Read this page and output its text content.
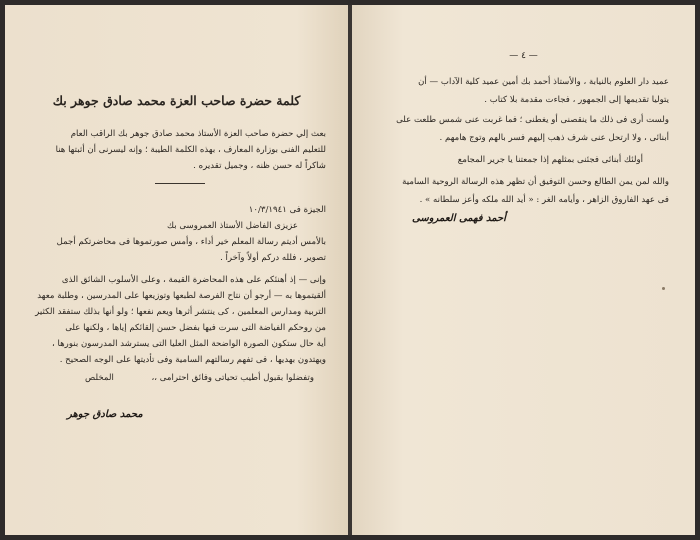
كلمة حضرة صاحب العزة محمد صادق جوهر بك
بعث إلي حضرة صاحب العزة الأستاذ محمد صادق جوهر بك الراقب العام
للتعليم الفنى بوزارة المعارف ، بهذه الكلمة الطيبة ؛ وإنه ليسرنى أن أثبتها هنا
شاكراً له حسن ظنه ، وجميل تقديره .
الجيزة فى ١٠/٣/١٩٤١
عزيزى الفاضل الأستاذ العمروسى بك
بالأمس أديتم رسالة المعلم خير أداء ، وأمس صورتموها فى محاضرتكم أجمل
تصوير ، فلله دركم أولاً وآخراً .
وإنى — إذ أهنئكم على هذه المحاضرة القيمة ، وعلى الأسلوب الشائق الذى
ألقيتموها به — أرجو أن نتاح الفرصة لطبعها وتوزيعها على المدرسين ، وطلبة معهد
التربية ومدارس المعلمين ، كى ينتشر أثرها ويعم نفعها ؛ ولو أنها بذلك ستفقد الكثير
من روحكم الفياضة التى سرت فيها بفضل حسن إلقائكم إياها ، ولكنها على
أية حال ستكون الصورة الواضحة المثل العليا التى يسترشد المدرسون بنورها ،
ويهتدون بهديها ، فى تفهم رسالتهم السامية وفى تأديتها على الوجه الصحيح .
وتفضلوا بقبول أطيب تحياتى وفائق احترامى ،،
المخلص
محمد صادق جوهر
— ٤ —
عميد دار العلوم بالنيابة ، والأستاذ أحمد بك أمين عميد كلية الآداب — أن
يتوليا تقديمها إلى الجمهور ، فجاءت مقدمة بلا كتاب .
ولست أرى فى ذلك ما ينقصنى أو يغطنى ؛ فما غربت عنى شمس طلعت على
أبنائى ، ولا ارتحل عنى شرف ذهب إليهم فسر بالهم وتوج هامهم .
أولئك أبنائى فجئنى بمثلهم إذا جمعتنا يا جرير المجامع
والله لمن يمن الطالع وحسن التوفيق أن تظهر هذه الرسالة الروحية السامية
فى عهد الفاروق الزاهر ، وأيامه الغر : « أيد الله ملكه وأعز سلطانه » .
أحمد فهمى العمروسى
